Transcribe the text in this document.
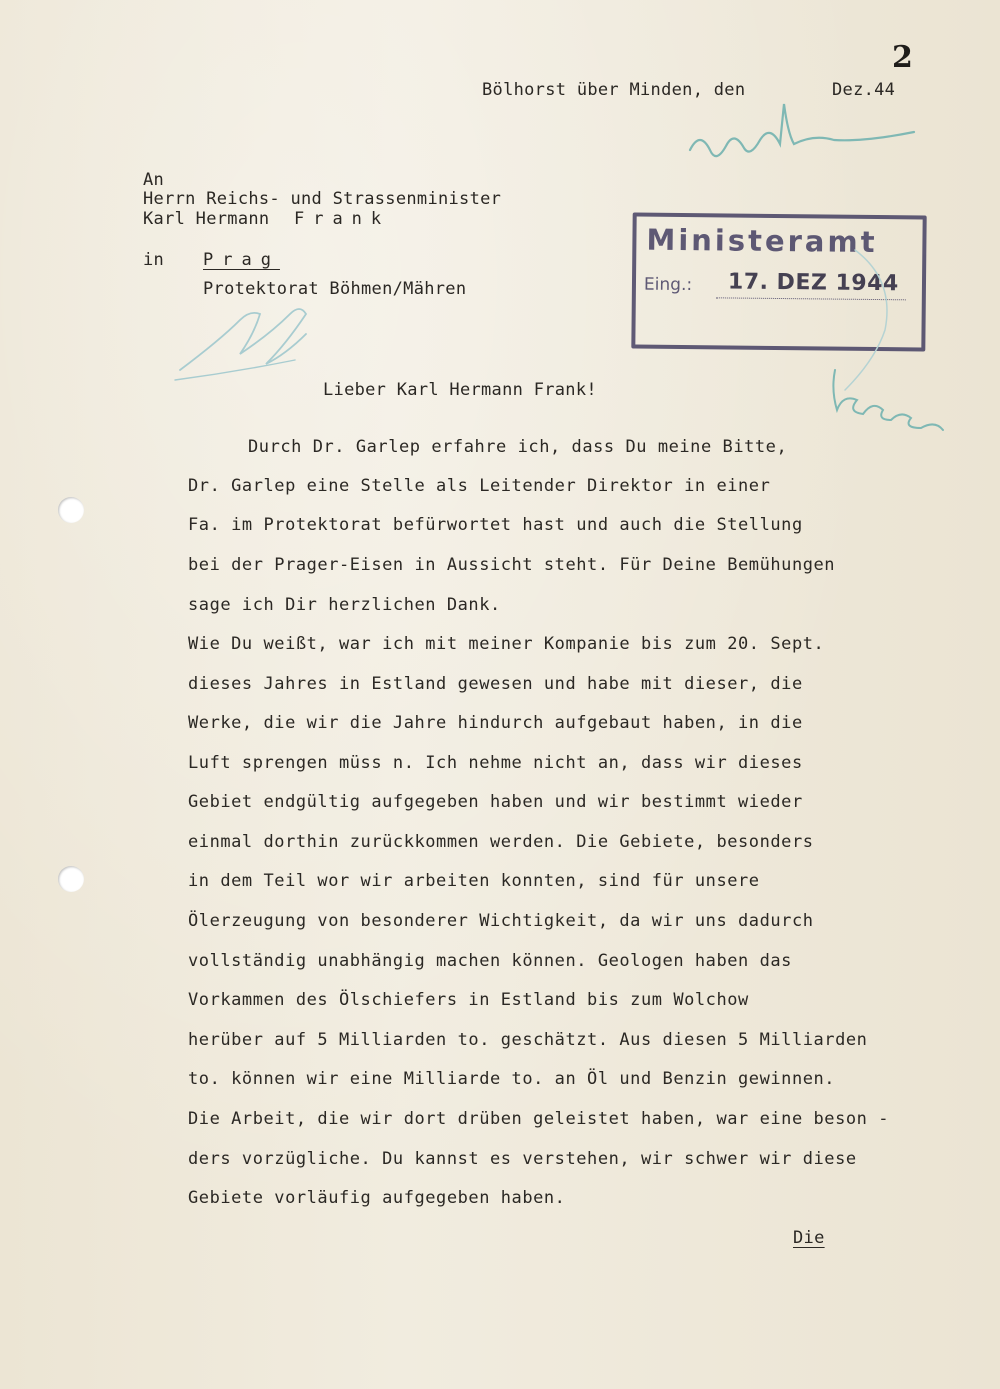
2
Bölhorst über Minden, den	Dez.44
An
Herrn Reichs- und Strassenminister
Karl Hermann Frank
in Prag
Protektorat Böhmen/Mähren
Ministeramt
Eing.: 17. DEZ 1944
Lieber Karl Hermann Frank!
Durch Dr. Garlep erfahre ich, dass Du meine Bitte,
Dr. Garlep eine Stelle als Leitender Direktor in einer
Fa. im Protektorat befürwortet hast und auch die Stellung
bei der Prager-Eisen in Aussicht steht. Für Deine Bemühungen
sage ich Dir herzlichen Dank.
Wie Du weißt, war ich mit meiner Kompanie bis zum 20. Sept.
dieses Jahres in Estland gewesen und habe mit dieser, die
Werke, die wir die Jahre hindurch aufgebaut haben, in die
Luft sprengen müss n. Ich nehme nicht an, dass wir dieses
Gebiet endgültig aufgegeben haben und wir bestimmt wieder
einmal dorthin zurückkommen werden. Die Gebiete, besonders
in dem Teil wor wir arbeiten konnten, sind für unsere
Ölerzeugung von besonderer Wichtigkeit, da wir uns dadurch
vollständig unabhängig machen können. Geologen haben das
Vorkammen des Ölschiefers in Estland bis zum Wolchow
herüber auf 5 Milliarden to. geschätzt. Aus diesen 5 Milliarden
to. können wir eine Milliarde to. an Öl und Benzin gewinnen.
Die Arbeit, die wir dort drüben geleistet haben, war eine beson -
ders vorzügliche. Du kannst es verstehen, wir schwer wir diese
Gebiete vorläufig aufgegeben haben.
Die
